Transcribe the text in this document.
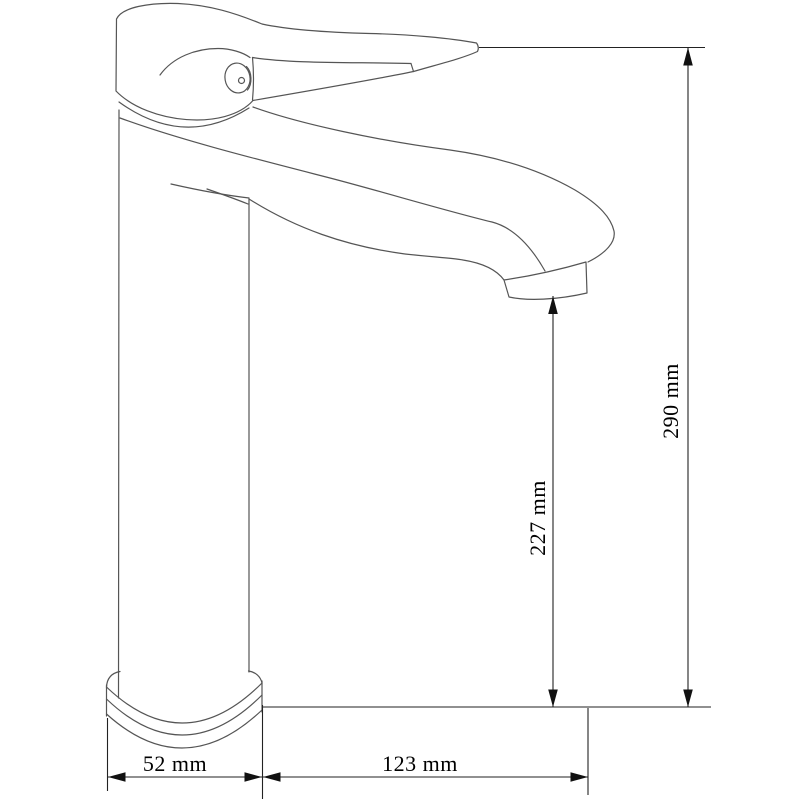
290 mm
227 mm
52 mm	123 mm
